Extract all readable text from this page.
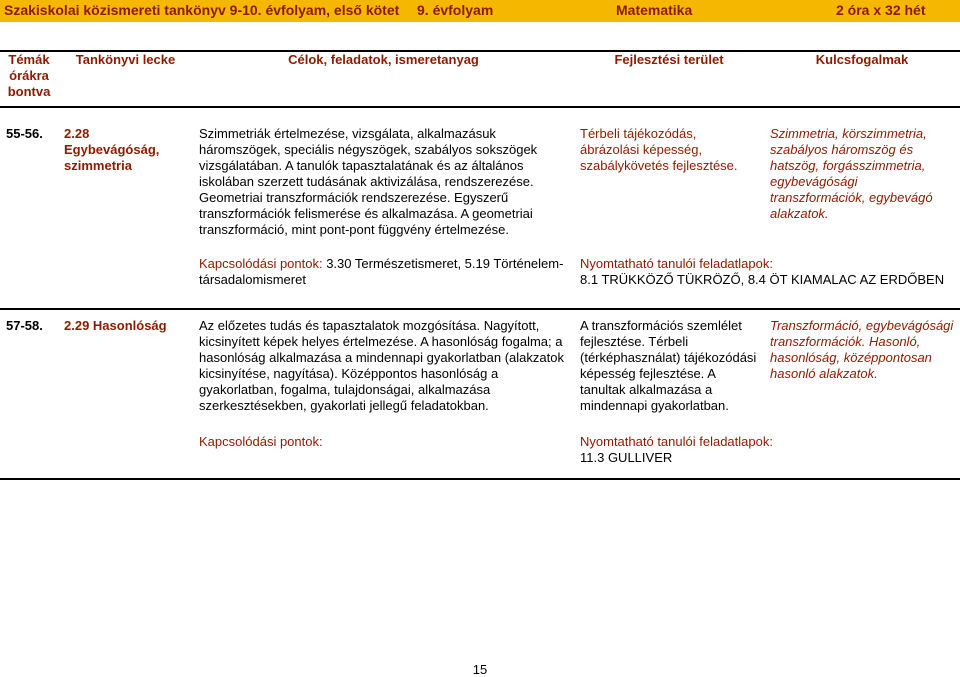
Szakiskolai közismereti tankönyv 9-10. évfolyam, első kötet 9. évfolyam	Matematika	2 óra x 32 hét
Témák órákra bontva	Tankönyvi lecke	Célok, feladatok, ismeretanyag	Fejlesztési terület	Kulcsfogalmak
55-56.	2.28 Egybevágóság, szimmetria	Szimmetriák értelmezése, vizsgálata, alkalmazásuk háromszögek, speciális négyszögek, szabályos sokszögek vizsgálatában. A tanulók tapasztalatának és az általános iskolában szerzett tudásának aktivizálása, rendszerezése. Geometriai transzformációk rendszerezése. Egyszerű transzformációk felismerése és alkalmazása. A geometriai transzformáció, mint pont-pont függvény értelmezése.	Térbeli tájékozódás, ábrázolási képesség, szabálykövetés fejlesztése.	Szimmetria, körszimmetria, szabályos háromszög és hatszög, forgásszimmetria, egybevágósági transzformációk, egybevágó alakzatok.
		Kapcsolódási pontok: 3.30 Természetismeret, 5.19 Történelem-társadalomismeret	Nyomtatható tanulói feladatlapok:
8.1 TRÜKKÖZŐ TÜKRÖZŐ, 8.4 ÖT KIAMALAC AZ ERDŐBEN	

57-58.	2.29 Hasonlóság	Az előzetes tudás és tapasztalatok mozgósítása. Nagyított, kicsinyített képek helyes értelmezése. A hasonlóság fogalma; a hasonlóság alkalmazása a mindennapi gyakorlatban (alakzatok kicsinyítése, nagyítása). Középpontos hasonlóság a gyakorlatban, fogalma, tulajdonságai, alkalmazása szerkesztésekben, gyakorlati jellegű feladatokban.	A transzformációs szemlélet fejlesztése. Térbeli (térképhasználat) tájékozódási képesség fejlesztése. A tanultak alkalmazása a mindennapi gyakorlatban.	Transzformáció, egybevágósági transzformációk. Hasonló, hasonlóság, középpontosan hasonló alakzatok.
		Kapcsolódási pontok:	Nyomtatható tanulói feladatlapok:
11.3 GULLIVER	
15
